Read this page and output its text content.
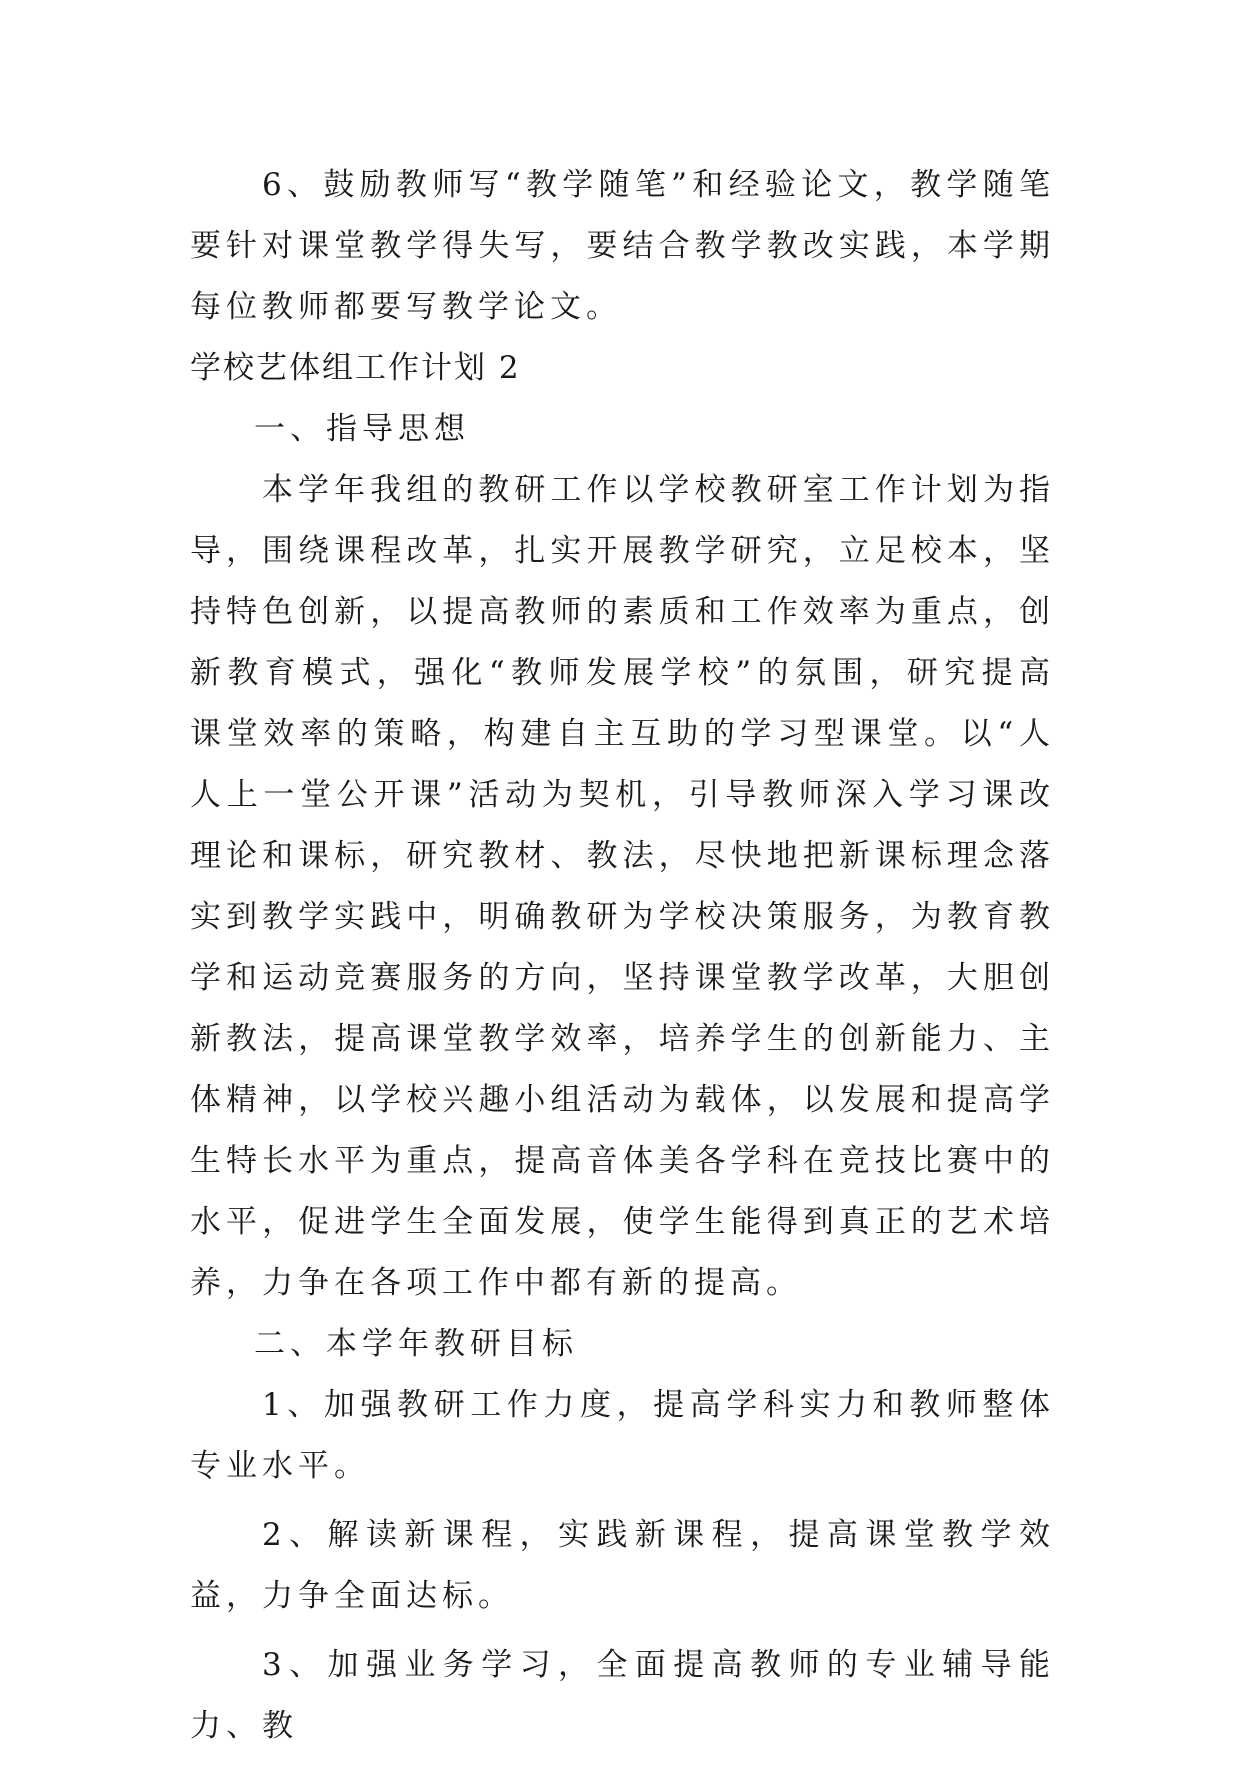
6、鼓励教师写“教学随笔”和经验论文，教学随笔要针对课堂教学得失写，要结合教学教改实践，本学期每位教师都要写教学论文。

学校艺体组工作计划 2

一、指导思想

本学年我组的教研工作以学校教研室工作计划为指导，围绕课程改革，扎实开展教学研究，立足校本，坚持特色创新，以提高教师的素质和工作效率为重点，创新教育模式，强化“教师发展学校”的氛围，研究提高课堂效率的策略，构建自主互助的学习型课堂。以“人人上一堂公开课”活动为契机，引导教师深入学习课改理论和课标，研究教材、教法，尽快地把新课标理念落实到教学实践中，明确教研为学校决策服务，为教育教学和运动竞赛服务的方向，坚持课堂教学改革，大胆创新教法，提高课堂教学效率，培养学生的创新能力、主体精神，以学校兴趣小组活动为载体，以发展和提高学生特长水平为重点，提高音体美各学科在竞技比赛中的水平，促进学生全面发展，使学生能得到真正的艺术培养，力争在各项工作中都有新的提高。

二、本学年教研目标

1、加强教研工作力度，提高学科实力和教师整体专业水平。

2、解读新课程，实践新课程，提高课堂教学效益，力争全面达标。

3、加强业务学习，全面提高教师的专业辅导能力、教
